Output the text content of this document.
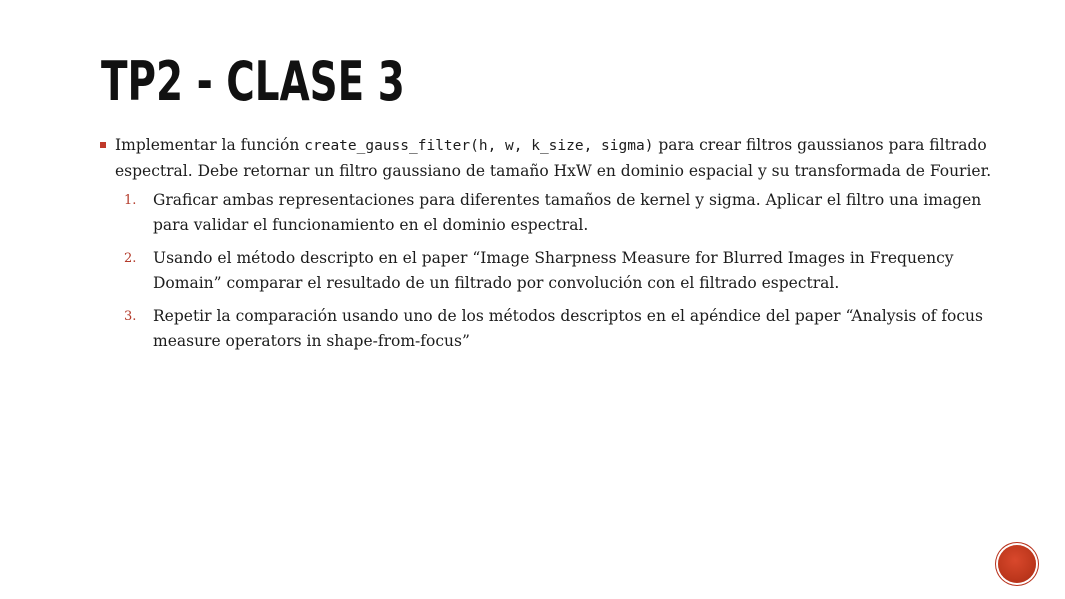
TP2 - CLASE 3
Implementar la función create_gauss_filter(h, w, k_size, sigma) para crear filtros gaussianos para filtrado espectral. Debe retornar un filtro gaussiano de tamaño HxW en dominio espacial y su transformada de Fourier.
1. Graficar ambas representaciones para diferentes tamaños de kernel y sigma. Aplicar el filtro una imagen para validar el funcionamiento en el dominio espectral.
2. Usando el método descripto en el paper “Image Sharpness Measure for Blurred Images in Frequency Domain” comparar el resultado de un filtrado por convolución con el filtrado espectral.
3. Repetir la comparación usando uno de los métodos descriptos en el apéndice del paper “Analysis of focus measure operators in shape-from-focus”
